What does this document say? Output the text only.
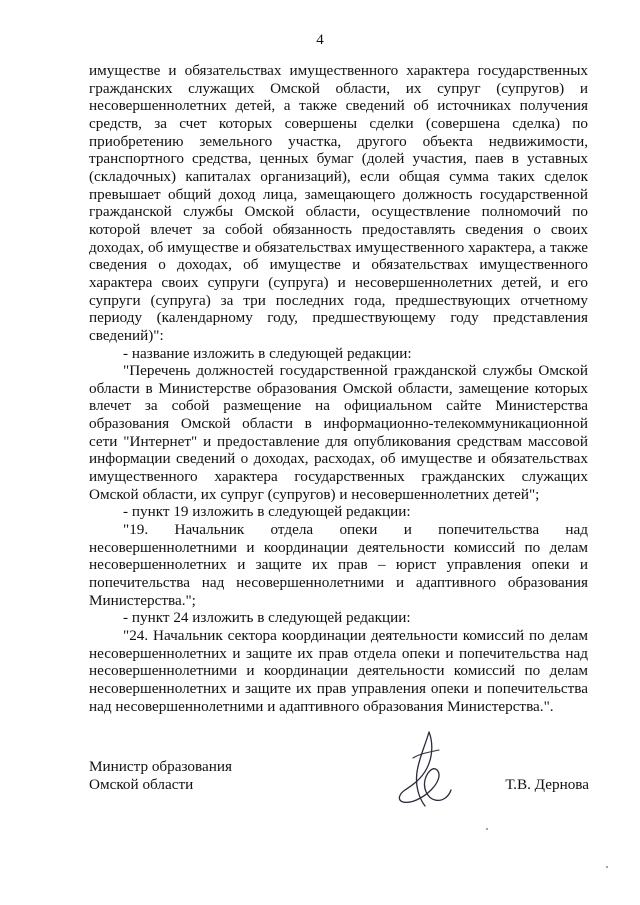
4

имуществе и обязательствах имущественного характера государственных гражданских служащих Омской области, их супруг (супругов) и несовершеннолетних детей, а также сведений об источниках получения средств, за счет которых совершены сделки (совершена сделка) по приобретению земельного участка, другого объекта недвижимости, транспортного средства, ценных бумаг (долей участия, паев в уставных (складочных) капиталах организаций), если общая сумма таких сделок превышает общий доход лица, замещающего должность государственной гражданской службы Омской области, осуществление полномочий по которой влечет за собой обязанность предоставлять сведения о своих доходах, об имуществе и обязательствах имущественного характера, а также сведения о доходах, об имуществе и обязательствах имущественного характера своих супруги (супруга) и несовершеннолетних детей, и его супруги (супруга) за три последних года, предшествующих отчетному периоду (календарному году, предшествующему году представления сведений)":

- название изложить в следующей редакции:

"Перечень должностей государственной гражданской службы Омской области в Министерстве образования Омской области, замещение которых влечет за собой размещение на официальном сайте Министерства образования Омской области в информационно-телекоммуникационной сети "Интернет" и предоставление для опубликования средствам массовой информации сведений о доходах, расходах, об имуществе и обязательствах имущественного характера государственных гражданских служащих Омской области, их супруг (супругов) и несовершеннолетних детей";

- пункт 19 изложить в следующей редакции:

"19. Начальник отдела опеки и попечительства над несовершеннолетними и координации деятельности комиссий по делам несовершеннолетних и защите их прав – юрист управления опеки и попечительства над несовершеннолетними и адаптивного образования Министерства.";

- пункт 24 изложить в следующей редакции:

"24. Начальник сектора координации деятельности комиссий по делам несовершеннолетних и защите их прав отдела опеки и попечительства над несовершеннолетними и координации деятельности комиссий по делам несовершеннолетних и защите их прав управления опеки и попечительства над несовершеннолетними и адаптивного образования Министерства.".

Министр образования
Омской области	Т.В. Дернова
